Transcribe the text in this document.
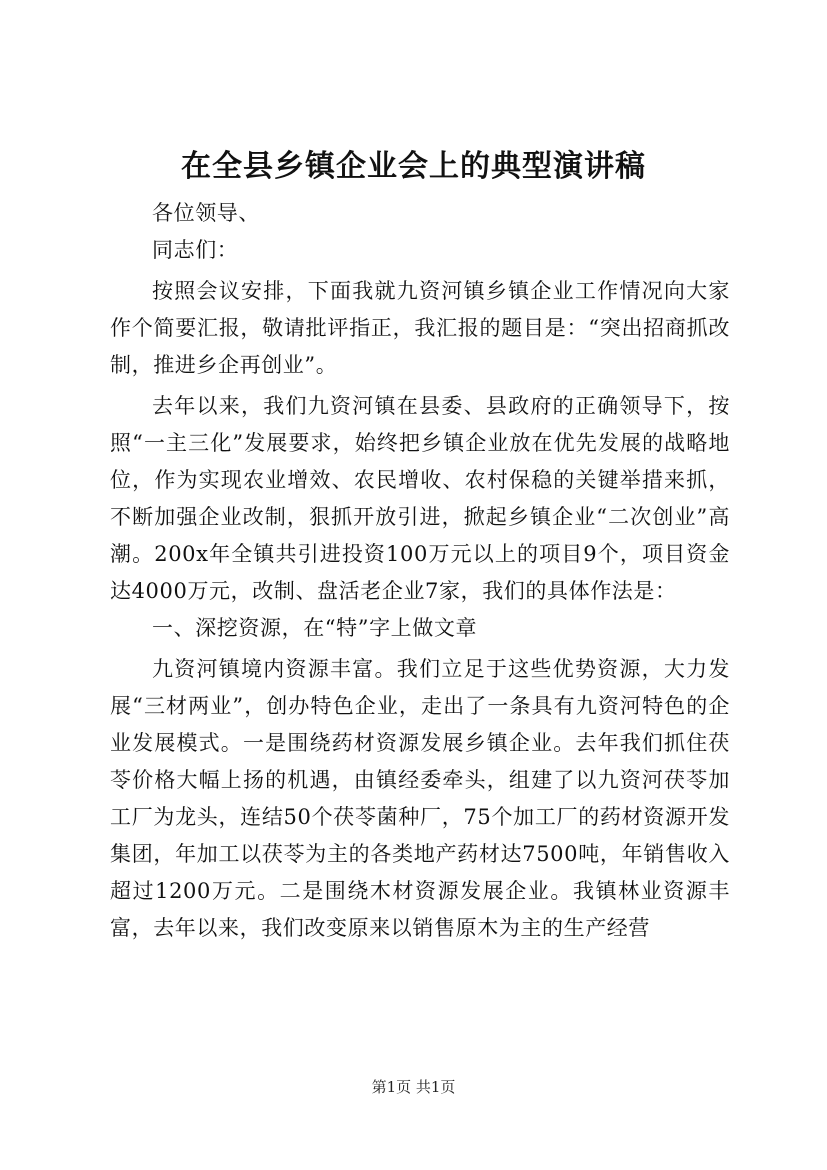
在全县乡镇企业会上的典型演讲稿

各位领导、

同志们：

按照会议安排，下面我就九资河镇乡镇企业工作情况向大家作个简要汇报，敬请批评指正，我汇报的题目是：“突出招商抓改制，推进乡企再创业”。

去年以来，我们九资河镇在县委、县政府的正确领导下，按照“一主三化”发展要求，始终把乡镇企业放在优先发展的战略地位，作为实现农业增效、农民增收、农村保稳的关键举措来抓，不断加强企业改制，狠抓开放引进，掀起乡镇企业“二次创业”高潮。200x年全镇共引进投资100万元以上的项目9个，项目资金达4000万元，改制、盘活老企业7家，我们的具体作法是：

一、深挖资源，在“特”字上做文章

九资河镇境内资源丰富。我们立足于这些优势资源，大力发展“三材两业”，创办特色企业，走出了一条具有九资河特色的企业发展模式。一是围绕药材资源发展乡镇企业。去年我们抓住茯苓价格大幅上扬的机遇，由镇经委牵头，组建了以九资河茯苓加工厂为龙头，连结50个茯苓菌种厂，75个加工厂的药材资源开发集团，年加工以茯苓为主的各类地产药材达7500吨，年销售收入超过1200万元。二是围绕木材资源发展企业。我镇林业资源丰富，去年以来，我们改变原来以销售原木为主的生产经营

第1页 共1页
